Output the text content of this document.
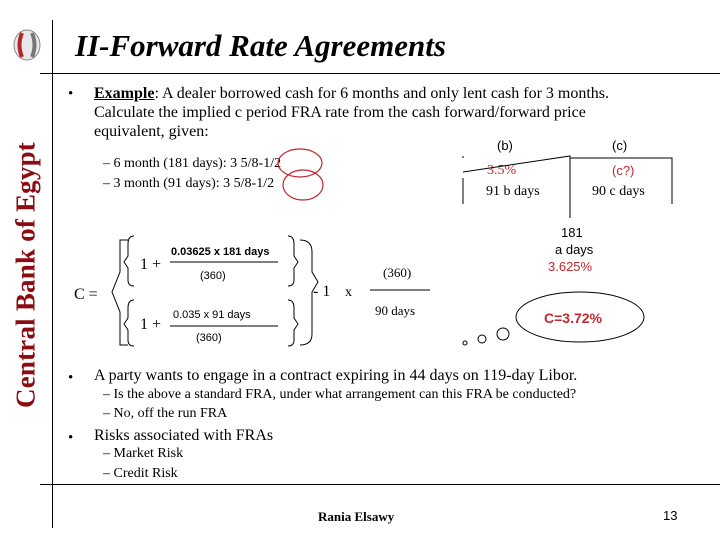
Central Bank of Egypt
II-Forward Rate Agreements
• Example: A dealer borrowed cash for 6 months and only lent cash for 3 months.
Calculate the implied c period FRA rate from the cash forward/forward price
equivalent, given:
(b)	(c)
– 6 month (181 days): 3 5/8-1/2
– 3 month (91 days): 3 5/8-1/2
3.5%	(c?)
91 b days	90 c days
181
a days
3.625%
C =
1 +
0.03625 x 181 days
(360)
1 +
0.035 x 91 days
(360)
- 1 x
(360)
90 days	C=3.72%
• A party wants to engage in a contract expiring in 44 days on 119-day Libor.
– Is the above a standard FRA, under what arrangement can this FRA be conducted?
– No, off the run FRA
• Risks associated with FRAs
– Market Risk
– Credit Risk
Rania Elsawy	13
